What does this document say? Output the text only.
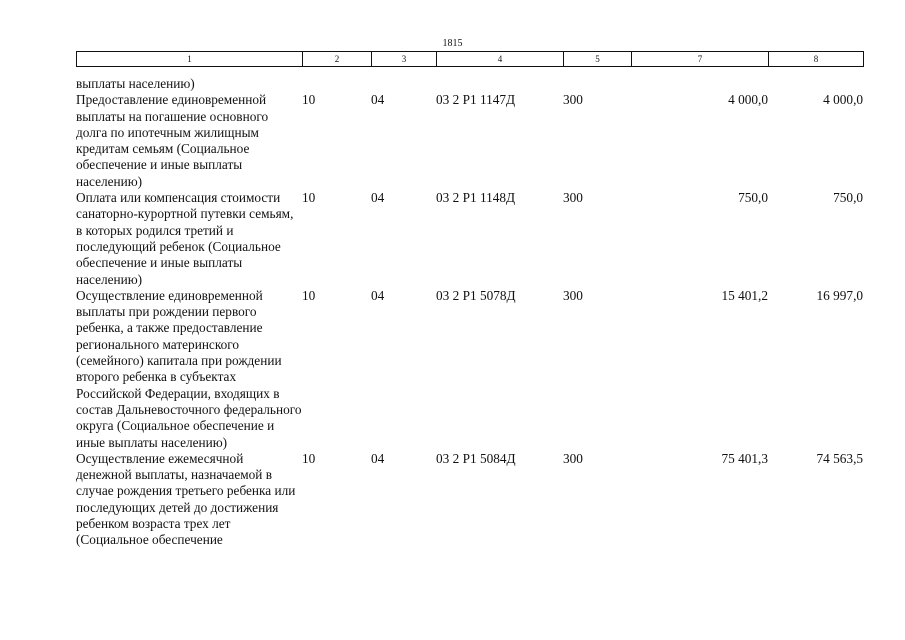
1815
1	2	3	4	5	7	8
выплаты населению)						
Предоставление единовременной выплаты на погашение основного долга по ипотечным жилищным кредитам семьям (Социальное обеспечение и иные выплаты населению)	10	04	03 2 Р1 1147Д	300	4 000,0	4 000,0
Оплата или компенсация стоимости санаторно-курортной путевки семьям, в которых родился третий и последующий ребенок (Социальное обеспечение и иные выплаты населению)	10	04	03 2 Р1 1148Д	300	750,0	750,0
Осуществление единовременной выплаты при рождении первого ребенка, а также предоставление регионального материнского (семейного) капитала при рождении второго ребенка в субъектах Российской Федерации, входящих в состав Дальневосточного федерального округа (Социальное обеспечение и иные выплаты населению)	10	04	03 2 Р1 5078Д	300	15 401,2	16 997,0
Осуществление ежемесячной денежной выплаты, назначаемой в случае рождения третьего ребенка или последующих детей до достижения ребенком возраста трех лет (Социальное обеспечение	10	04	03 2 Р1 5084Д	300	75 401,3	74 563,5
